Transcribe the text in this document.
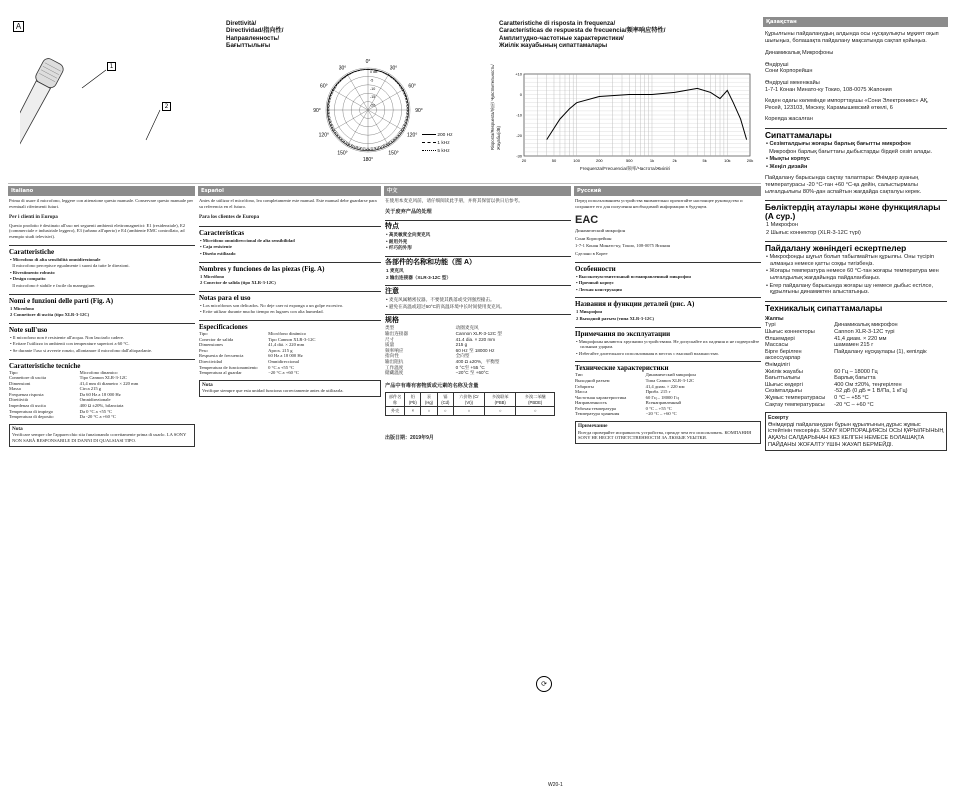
A
1
2
Direttività/
Directividad/指向性/
Направленность/
Бағыттылығы
0°
30°
60°
90°
120°
150°
180°
30°
60°
90°
120°
150°
0 dB
-5
-10
-15
-20
200 Hz
1 kHz
5 kHz
Caratteristiche di risposta in frequenza/
Características de respuesta de frecuencia/频率响应特性/
Амплитудно-частотные характеристики/
Жиілік жауабының сипаттамалары
+10
0
-10
-20
-30
20	50	100	200	500	1k	2k	5k	10k	20k
Frequenza/Frecuencia/频率/Частота/Жиілігі
Risposta/Respuesta/响应/ Чувствительность/Жауабы(dB)
Қазақстан
Құрылғыны пайдаланудың алдында осы нұсқаулықты мұқият оқып шығыңыз, болашақта пайдалану мақсатында сақтап қойыңыз.
Динамикалық Микрофоны
Өндіруші
Сони Корпорейшн
Өндіруші мекенжайы
1-7-1 Конан Минато-ку Токио, 108-0075 Жапония
Кеден одағы көлемінде импорттаушы «Сони Электроникс» АҚ, Ресей, 123103, Мәскеу, Карамышевский өткелі, 6
Кореяда жасалған
Сипаттамалары
• Сезімталдығы жоғары барлық бағытты микрофон
Микрофон барлық бағыттағы дыбыстарды бірдей сезіп алады.
• Мықты корпус
• Жеңіл дизайн
Пайдалану барысында сақтау талаптары: Өнімдер ауаның температурасы -20 °C-тан +60 °C-қа дейін, салыстырмалы ылғалдылығы 80%-дан аспайтын жағдайда сақталуы керек.
Бөліктердің атаулары және функциялары (A сур.)
1 Микрофон
2 Шығыс коннектор (XLR-3-12C түрі)
Пайдалану жөніндегі ескертпелер
• Микрофонды шұғыл болып табылмайтын құрылғы. Оны түсіріп алмаңыз немесе қатты соққы тигізбеңіз.
• Жоғары температура немесе 60 °C-тан жоғары температура мен ылғалдылық жағдайында пайдаланбаңыз.
• Егер пайдалану барысында жоғары шу немесе дыбыс естілсе, құрылғыны динамиктен алыстатыңыз.
Техникалық сипаттамалары
Жалпы
Түрі	Динамикалық микрофон
Шығыс коннекторы	Cannon XLR-3-12C түрі
Өлшемдері	41,4 диам. × 220 мм
Массасы	шамамен 215 г
Бірге берілген аксессуарлар
Пайдалану нұсқаулары (1), кепілдік
Өнімділігі
Жиілік жауабы	60 Гц – 18000 Гц
Бағыттылығы	Барлық бағытта
Шығыс кедергі	400 Ом ±20%, теңгерілген
Сезімталдығы	-52 дБ (0 дБ = 1 В/Па, 1 кГц)
Жұмыс температурасы	0 °C – +55 °C
Сақтау температурасы	-20 °C – +60 °C
Ескерту
Өнімдерді пайдаланудан бұрын құрылғының дұрыс жұмыс істейтінін тексеріңіз. SONY КОРПОРАЦИЯСЫ ОСЫ ҚҰРЫЛҒЫНЫҢ АҚАУЫ САЛДАРЫНАН КЕЗ КЕЛГЕН НЕМЕСЕ БОЛАШАҚТА ПАЙДАНЫ ЖОҒАЛТУ ҮШІН ЖАУАП БЕРМЕЙДІ.
Italiano
Prima di usare il microfono, leggere con attenzione questo manuale. Conservare questo manuale per eventuali riferimenti futuri.
Per i clienti in Europa
Questo prodotto è destinato all'uso nei seguenti ambienti elettromagnetici: E1 (residenziale), E2 (commerciale e industriale leggero), E3 (urbano all'aperto) e E4 (ambiente EMC controllato, ad esempio studi televisivi).
Caratteristiche
• Microfono di alta sensibilità omnidirezionale
Il microfono percepisce egualmente i suoni da tutte le direzioni.
• Rivestimento robusto
• Design compatto
Il microfono è stabile e facile da maneggiare.
Nomi e funzioni delle parti (Fig. A)
1 Microfono
2 Connettore di uscita (tipo XLR-3-12C)
Note sull'uso
• Il microfono non è resistente all'acqua. Non lasciarlo cadere.
• Evitare l'utilizzo in ambienti con temperature superiori a 60 °C.
• Se durante l'uso si avverte ronzio, allontanare il microfono dall'altoparlante.
Caratteristiche tecniche
Tipo	Microfono dinamico
Connettore di uscita	Tipo Cannon XLR-3-12C
Dimensioni	41,4 mm di diametro × 220 mm
Massa	Circa 215 g
Frequenza risposta	Da 60 Hz a 18 000 Hz
Direttività	Omnidirezionale
Impedenza di uscita	400 Ω ±20%, bilanciata
Temperatura di impiego	Da 0 °C a +55 °C
Temperatura di deposito	Da -20 °C a +60 °C
Nota
Verificare sempre che l'apparecchio stia funzionando correttamente prima di usarlo. LA SONY NON SARÀ RESPONSABILE DI DANNI DI QUALSIASI TIPO.
Español
Antes de utilizar el micrófono, lea completamente este manual. Este manual debe guardarse para su referencia en el futuro.
Para los clientes de Europa
Características
• Micrófono omnidireccional de alta sensibilidad
• Caja resistente
• Diseño estilizado
Nombres y funciones de las piezas (Fig. A)
1 Micrófono
2 Conector de salida (tipo XLR-3-12C)
Notas para el uso
• Los micrófonos son delicados. No deje caer ni exponga a un golpe excesivo.
• Evite utilizar durante mucho tiempo en lugares con alta humedad.
Especificaciones
Tipo	Micrófono dinámico
Conector de salida	Tipo Cannon XLR-3-12C
Dimensiones	41,4 diá. × 220 mm
Peso	Aprox. 215 g
Respuesta de frecuencia	60 Hz a 18 000 Hz
Directividad	Omnidireccional
Temperatura de funcionamiento	0 °C a +55 °C
Temperatura al guardar	−20 °C a +60 °C
Nota
Verifique siempre que esta unidad funciona correctamente antes de utilizarla.
中文
在使用本麦克风前，请仔细阅读此手册，并将其保留以供日后参考。
关于废弃产品的处理
特点
• 高灵敏度全向麦克风
• 耐用外壳
• 纤巧的外形
各部件的名称和功能（图 A）
1 麦克风
2 输出连接器（XLR-3-12C 型）
注意
• 麦克风属精密仪器。不要使其跌落或受到强烈撞击。
• 避免在高温或超过60°C的高温环境中长时间使用麦克风。
规格
类型	动圈麦克风
输出连接器	Cannon XLR-3-12C 型
尺寸	41.4 dia. × 220 mm
质量	215 g
频率响应	60 Hz 至 18000 Hz
指向性	全向型
输出阻抗	400 Ω ±20%，平衡型
工作温度	0 °C至 +55 °C
储藏温度	−20°C 至 +60°C
产品中有毒有害物质或元素的名称及含量
部件名称	铅 (Pb)	汞 (Hg)	镉 (Cd)	六价铬 (Cr (VI))	多溴联苯 (PBB)	多溴二苯醚 (PBDE)
外壳	×	○	○	○	○	○
出版日期：2019年9月
W20-1
⟳
Русский
Перед использованием устройства внимательно прочитайте настоящее руководство и сохраните его для получения необходимой информации в будущем.
EAC
Динамический микрофон
Сони Корпорейшн
1-7-1 Конан Минато-ку, Токио, 108-0075 Япония
Сделано в Корее
Особенности
• Высокочувствительный всенаправленный микрофон
• Прочный корпус
• Легкая конструкция
Названия и функции деталей (рис. A)
1 Микрофон
2 Выходной разъем (типа XLR-3-12C)
Примечания по эксплуатации
• Микрофоны являются хрупкими устройствами. Не допускайте их падения и не подвергайте сильным ударам.
• Избегайте длительного использования в местах с высокой влажностью.
Технические характеристики
Тип	Динамический микрофон
Выходной разъем	Типа Cannon XLR-3-12C
Габариты	41,4 диам. × 220 мм
Масса	Прибл. 215 г
Частотная характеристика	60 Гц – 18000 Гц
Направленность	Всенаправленный
Рабочая температура	0 °C – +55 °C
Температура хранения	−20 °C – +60 °C
Примечание
Всегда проверяйте исправность устройства, прежде чем его использовать. КОМПАНИЯ SONY НЕ НЕСЕТ ОТВЕТСТВЕННОСТИ ЗА ЛЮБЫЕ УБЫТКИ.
